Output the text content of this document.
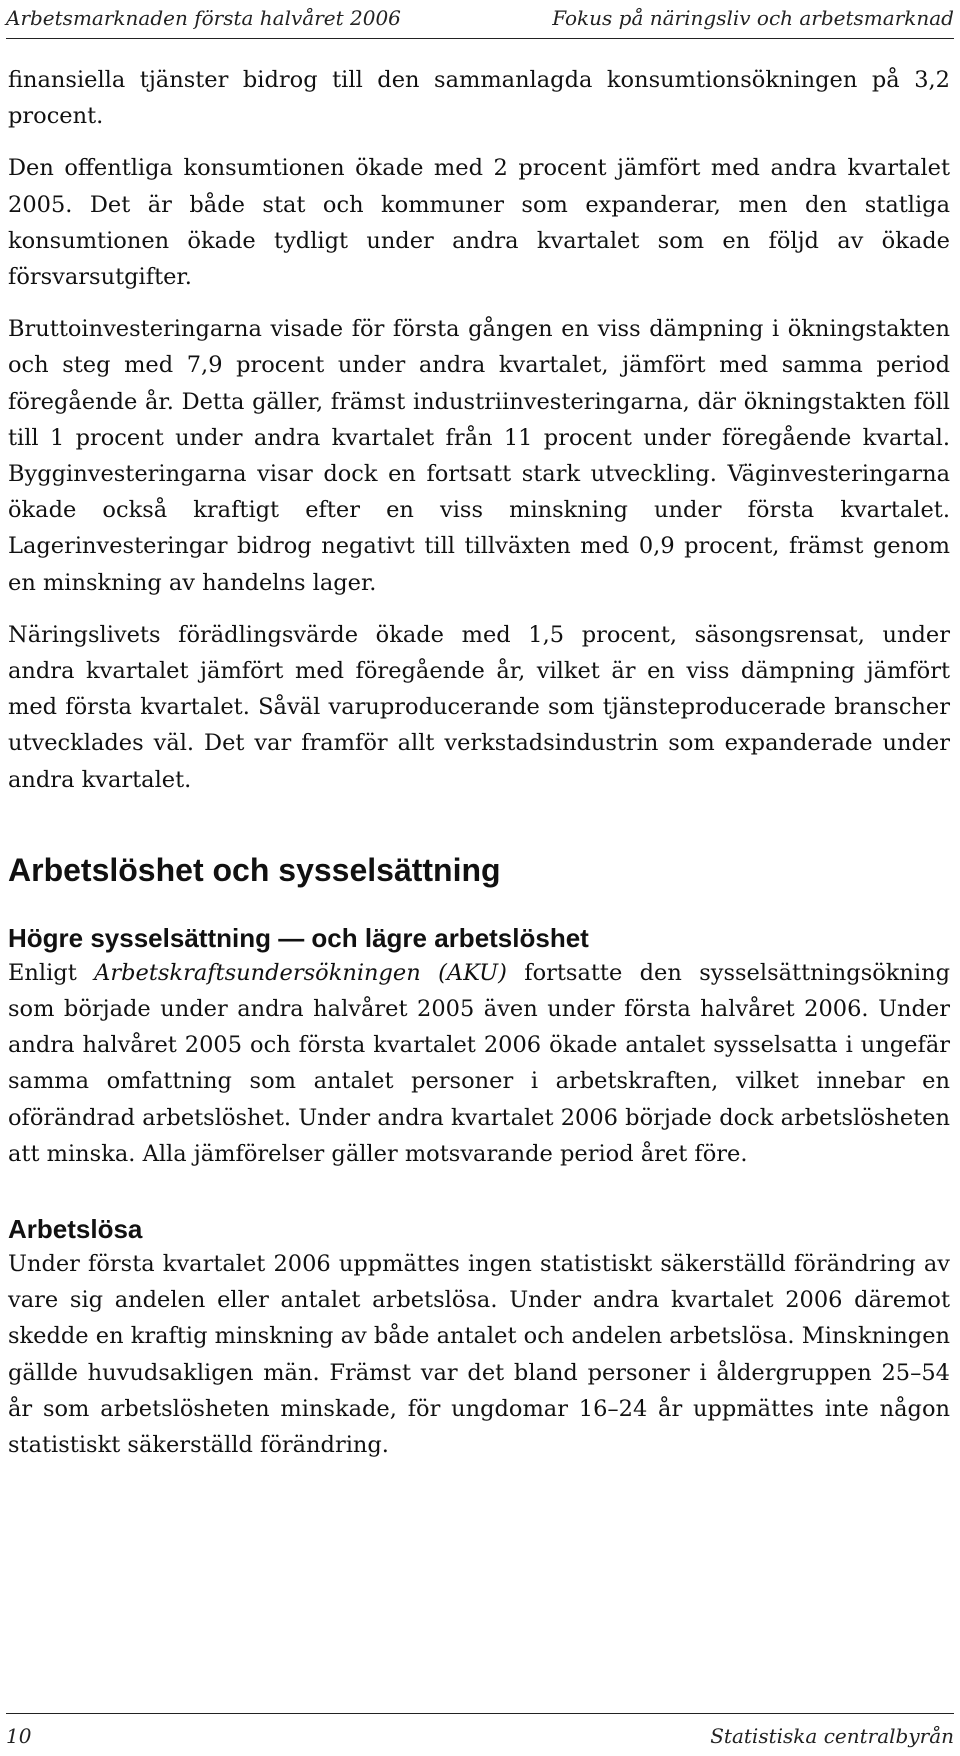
Arbetsmarknaden första halvåret 2006	Fokus på näringsliv och arbetsmarknad

finansiella tjänster bidrog till den sammanlagda konsumtionsökningen på 3,2 procent.

Den offentliga konsumtionen ökade med 2 procent jämfört med andra kvartalet 2005. Det är både stat och kommuner som expanderar, men den statliga konsumtionen ökade tydligt under andra kvartalet som en följd av ökade försvarsutgifter.

Bruttoinvesteringarna visade för första gången en viss dämpning i ökningstakten och steg med 7,9 procent under andra kvartalet, jämfört med samma period föregående år. Detta gäller, främst industriinvesteringarna, där ökningstakten föll till 1 procent under andra kvartalet från 11 procent under föregående kvartal. Bygginvesteringarna visar dock en fortsatt stark utveckling. Väginvesteringarna ökade också kraftigt efter en viss minskning under första kvartalet. Lagerinvesteringar bidrog negativt till tillväxten med 0,9 procent, främst genom en minskning av handelns lager.

Näringslivets förädlingsvärde ökade med 1,5 procent, säsongsrensat, under andra kvartalet jämfört med föregående år, vilket är en viss dämpning jämfört med första kvartalet. Såväl varuproducerande som tjänsteproducerade branscher utvecklades väl. Det var framför allt verkstadsindustrin som expanderade under andra kvartalet.

Arbetslöshet och sysselsättning
Högre sysselsättning — och lägre arbetslöshet

Enligt Arbetskraftsundersökningen (AKU) fortsatte den sysselsättningsökning som började under andra halvåret 2005 även under första halvåret 2006. Under andra halvåret 2005 och första kvartalet 2006 ökade antalet sysselsatta i ungefär samma omfattning som antalet personer i arbetskraften, vilket innebar en oförändrad arbetslöshet. Under andra kvartalet 2006 började dock arbetslösheten att minska. Alla jämförelser gäller motsvarande period året före.

Arbetslösa

Under första kvartalet 2006 uppmättes ingen statistiskt säkerställd förändring av vare sig andelen eller antalet arbetslösa. Under andra kvartalet 2006 däremot skedde en kraftig minskning av både antalet och andelen arbetslösa. Minskningen gällde huvudsakligen män. Främst var det bland personer i åldergruppen 25–54 år som arbetslösheten minskade, för ungdomar 16–24 år uppmättes inte någon statistiskt säkerställd förändring.

10	Statistiska centralbyrån
